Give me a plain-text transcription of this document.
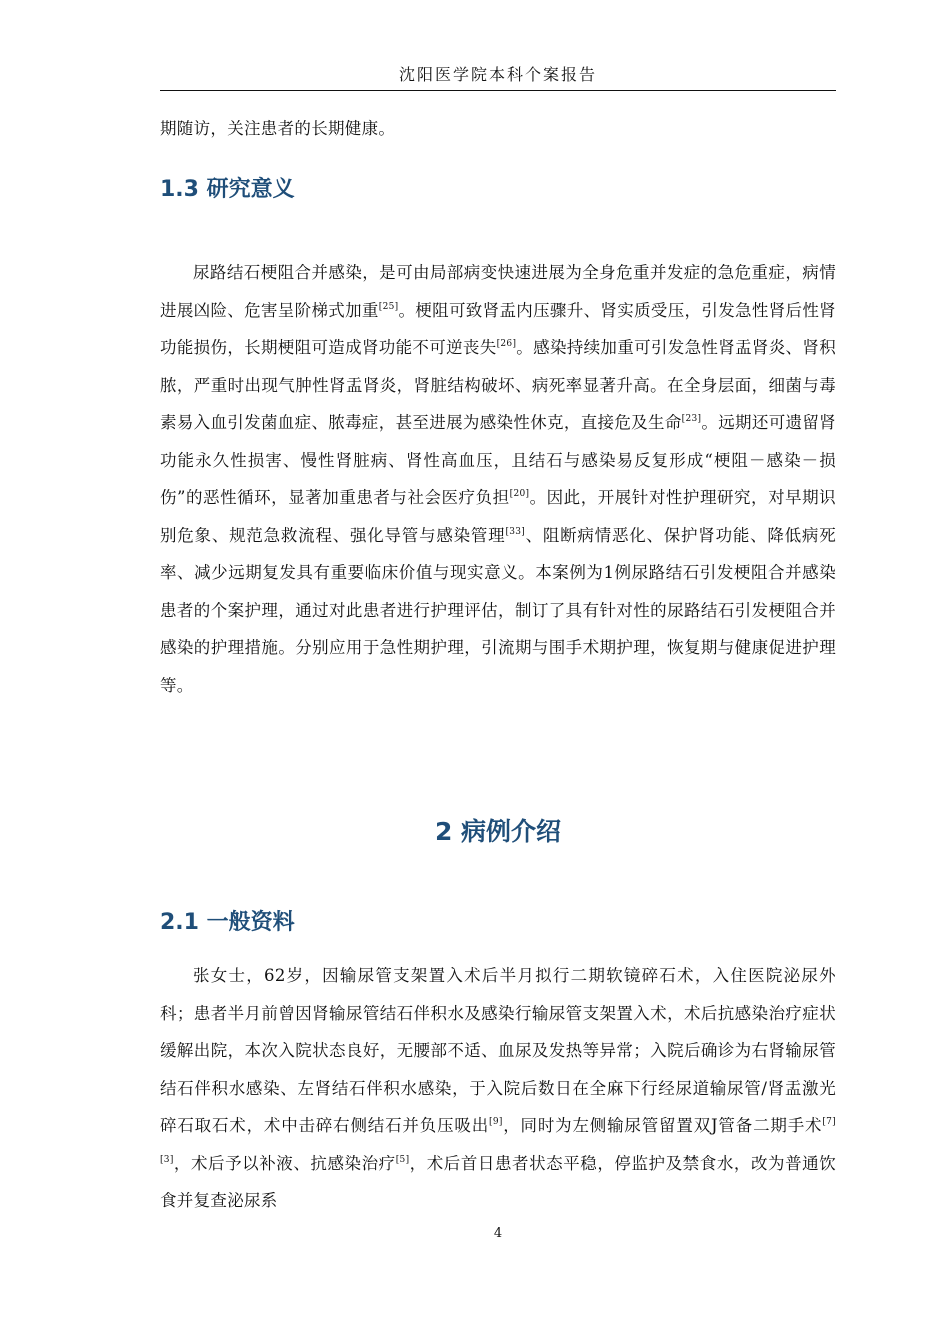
沈阳医学院本科个案报告
期随访，关注患者的长期健康。
1.3 研究意义
尿路结石梗阻合并感染，是可由局部病变快速进展为全身危重并发症的急危重症，病情进展凶险、危害呈阶梯式加重[25]。梗阻可致肾盂内压骤升、肾实质受压，引发急性肾后性肾功能损伤，长期梗阻可造成肾功能不可逆丧失[26]。感染持续加重可引发急性肾盂肾炎、肾积脓，严重时出现气肿性肾盂肾炎，肾脏结构破坏、病死率显著升高。在全身层面，细菌与毒素易入血引发菌血症、脓毒症，甚至进展为感染性休克，直接危及生命[23]。远期还可遗留肾功能永久性损害、慢性肾脏病、肾性高血压，且结石与感染易反复形成“梗阻－感染－损伤”的恶性循环，显著加重患者与社会医疗负担[20]。因此，开展针对性护理研究，对早期识别危象、规范急救流程、强化导管与感染管理[33]、阻断病情恶化、保护肾功能、降低病死率、减少远期复发具有重要临床价值与现实意义。本案例为1例尿路结石引发梗阻合并感染患者的个案护理，通过对此患者进行护理评估，制订了具有针对性的尿路结石引发梗阻合并感染的护理措施。分别应用于急性期护理，引流期与围手术期护理，恢复期与健康促进护理等。
2 病例介绍
2.1 一般资料
张女士，62岁，因输尿管支架置入术后半月拟行二期软镜碎石术，入住医院泌尿外科；患者半月前曾因肾输尿管结石伴积水及感染行输尿管支架置入术，术后抗感染治疗症状缓解出院，本次入院状态良好，无腰部不适、血尿及发热等异常；入院后确诊为右肾输尿管结石伴积水感染、左肾结石伴积水感染，于入院后数日在全麻下行经尿道输尿管/肾盂激光碎石取石术，术中击碎右侧结石并负压吸出[9]，同时为左侧输尿管留置双J管备二期手术[7][3]，术后予以补液、抗感染治疗[5]，术后首日患者状态平稳，停监护及禁食水，改为普通饮食并复查泌尿系
4
